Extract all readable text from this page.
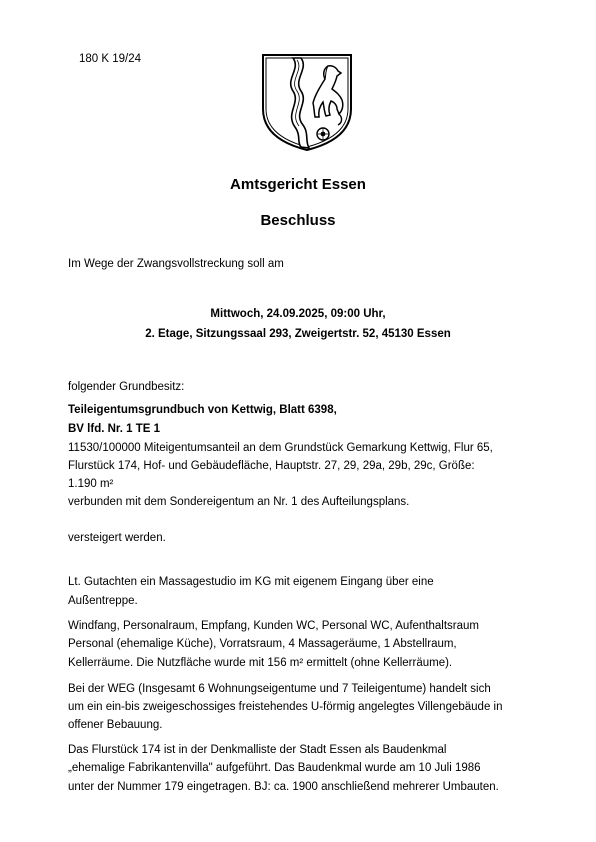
180 K 19/24
Amtsgericht Essen
Beschluss
Im Wege der Zwangsvollstreckung soll am
Mittwoch, 24.09.2025, 09:00 Uhr,
2. Etage, Sitzungssaal 293, Zweigertstr. 52, 45130 Essen
folgender Grundbesitz:
Teileigentumsgrundbuch von Kettwig, Blatt 6398,
BV lfd. Nr. 1 TE 1
11530/100000 Miteigentumsanteil an dem Grundstück Gemarkung Kettwig, Flur 65,
Flurstück 174, Hof- und Gebäudefläche, Hauptstr. 27, 29, 29a, 29b, 29c, Größe:
1.190 m²
verbunden mit dem Sondereigentum an Nr. 1 des Aufteilungsplans.
versteigert werden.
Lt. Gutachten ein Massagestudio im KG mit eigenem Eingang über eine
Außentreppe.
Windfang, Personalraum, Empfang, Kunden WC, Personal WC, Aufenthaltsraum
Personal (ehemalige Küche), Vorratsraum, 4 Massageräume, 1 Abstellraum,
Kellerräume. Die Nutzfläche wurde mit 156 m² ermittelt (ohne Kellerräume).
Bei der WEG (Insgesamt 6 Wohnungseigentume und 7 Teileigentume) handelt sich
um ein ein-bis zweigeschossiges freistehendes U-förmig angelegtes Villengebäude in
offener Bebauung.
Das Flurstück 174 ist in der Denkmalliste der Stadt Essen als Baudenkmal
„ehemalige Fabrikantenvilla" aufgeführt. Das Baudenkmal wurde am 10 Juli 1986
unter der Nummer 179 eingetragen. BJ: ca. 1900 anschließend mehrerer Umbauten.
